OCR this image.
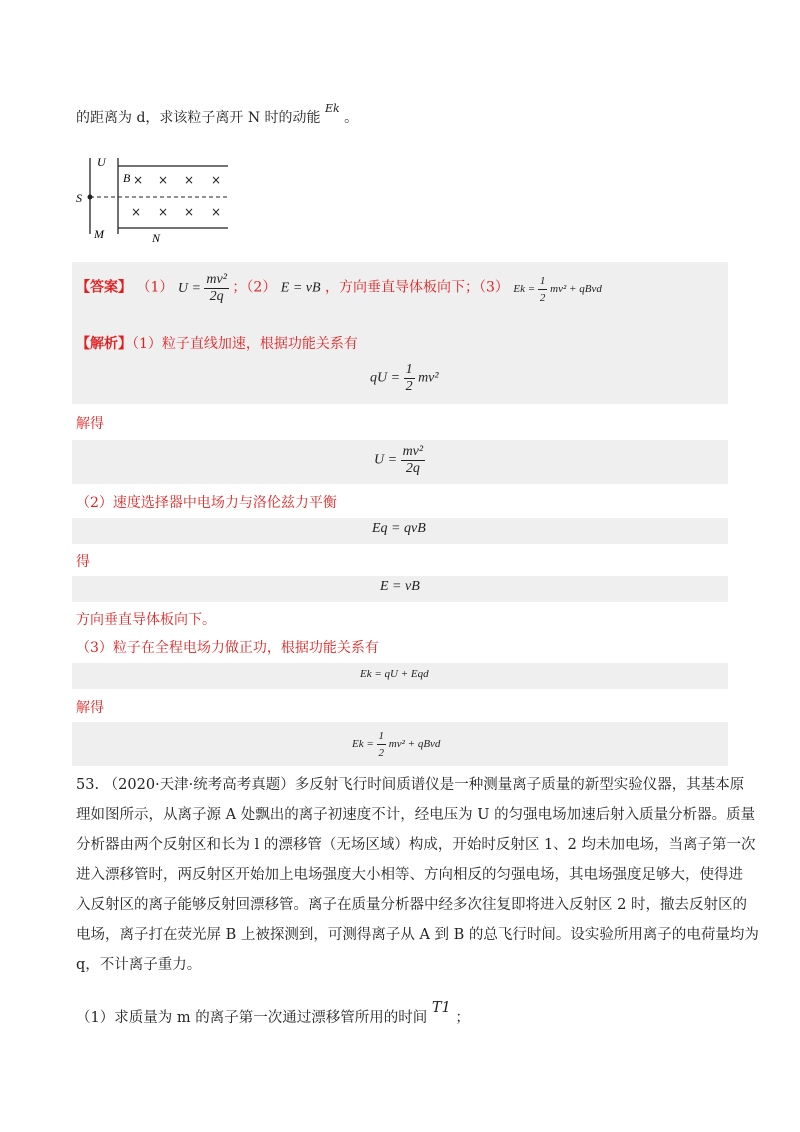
的距离为 d，求该粒子离开 N 时的动能 $^{Ek}$ 。
U
S
M
B
N
× × × ×
× × × ×
【答案】 （1） $U = \frac{\text{mv²}}{2q}$ ；（2） E = vB ，方向垂直导体板向下；（3） $Ek = \frac{1}{2} mv^2$ + qBvd
【解析】（1）粒子直线加速，根据功能关系有
qU = $\frac{1}{2} mv^2$
解得
$U = \frac{\text{mv²}}{2q}$
（2）速度选择器中电场力与洛伦兹力平衡
Eq = qvB
得
E = vB
方向垂直导体板向下。
（3）粒子在全程电场力做正功，根据功能关系有
Ek = qU + Eqd
解得
$Ek = \frac{1}{2} mv^2$ + qBvd
53. （2020·天津·统考高考真题）多反射飞行时间质谱仪是一种测量离子质量的新型实验仪器，其基本原
理如图所示，从离子源 A 处飘出的离子初速度不计，经电压为 U 的匀强电场加速后射入质量分析器。质量
分析器由两个反射区和长为 l 的漂移管（无场区域）构成，开始时反射区 1、2 均未加电场，当离子第一次
进入漂移管时，两反射区开始加上电场强度大小相等、方向相反的匀强电场，其电场强度足够大，使得进
入反射区的离子能够反射回漂移管。离子在质量分析器中经多次往复即将进入反射区 2 时，撤去反射区的
电场，离子打在荧光屏 B 上被探测到，可测得离子从 A 到 B 的总飞行时间。设实验所用离子的电荷量均为
q，不计离子重力。
（1）求质量为 m 的离子第一次通过漂移管所用的时间 T1 ；
